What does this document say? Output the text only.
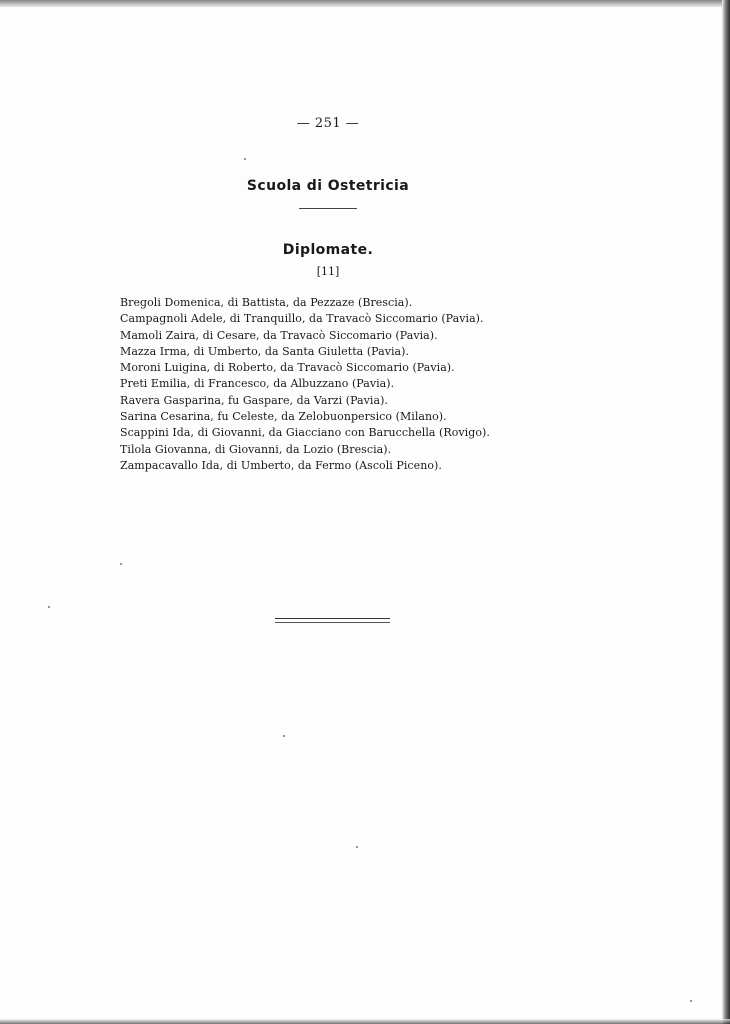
— 251 —
Scuola di Ostetricia
Diplomate.
[11]
Bregoli Domenica, di Battista, da Pezzaze (Brescia).
Campagnoli Adele, di Tranquillo, da Travacò Siccomario (Pavia).
Mamoli Zaira, di Cesare, da Travacò Siccomario (Pavia).
Mazza Irma, di Umberto, da Santa Giuletta (Pavia).
Moroni Luigina, di Roberto, da Travacò Siccomario (Pavia).
Preti Emilia, di Francesco, da Albuzzano (Pavia).
Ravera Gasparina, fu Gaspare, da Varzi (Pavia).
Sarina Cesarina, fu Celeste, da Zelobuonpersico (Milano).
Scappini Ida, di Giovanni, da Giacciano con Barucchella (Rovigo).
Tilola Giovanna, di Giovanni, da Lozio (Brescia).
Zampacavallo Ida, di Umberto, da Fermo (Ascoli Piceno).
